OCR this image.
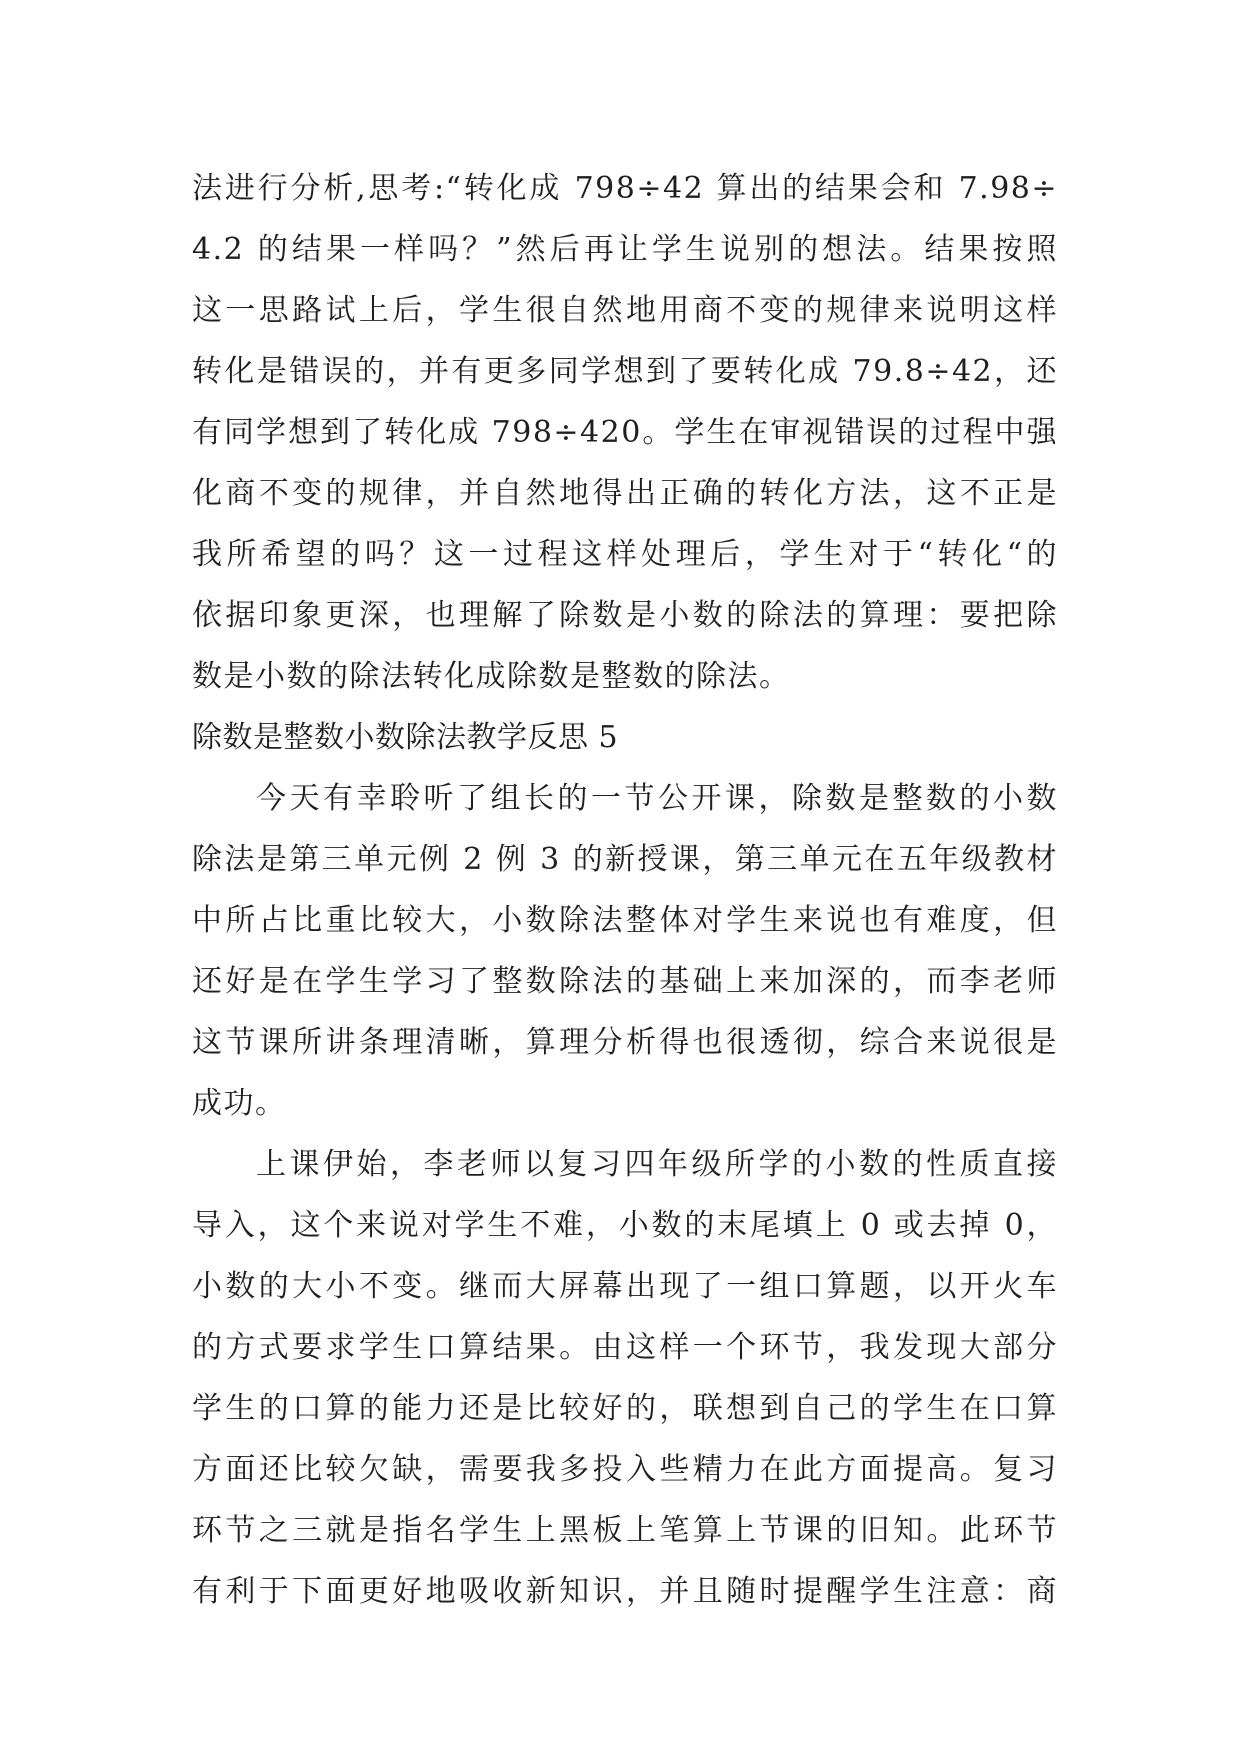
法进行分析,思考:“转化成 798÷42 算出的结果会和 7.98÷
4.2 的结果一样吗？”然后再让学生说别的想法。结果按照
这一思路试上后，学生很自然地用商不变的规律来说明这样
转化是错误的，并有更多同学想到了要转化成 79.8÷42，还
有同学想到了转化成 798÷420。学生在审视错误的过程中强
化商不变的规律，并自然地得出正确的转化方法，这不正是
我所希望的吗？这一过程这样处理后，学生对于“转化“的
依据印象更深，也理解了除数是小数的除法的算理：要把除
数是小数的除法转化成除数是整数的除法。
除数是整数小数除法教学反思 5
今天有幸聆听了组长的一节公开课，除数是整数的小数
除法是第三单元例 2 例 3 的新授课，第三单元在五年级教材
中所占比重比较大，小数除法整体对学生来说也有难度，但
还好是在学生学习了整数除法的基础上来加深的，而李老师
这节课所讲条理清晰，算理分析得也很透彻，综合来说很是
成功。
上课伊始，李老师以复习四年级所学的小数的性质直接
导入，这个来说对学生不难，小数的末尾填上 0 或去掉 0，
小数的大小不变。继而大屏幕出现了一组口算题，以开火车
的方式要求学生口算结果。由这样一个环节，我发现大部分
学生的口算的能力还是比较好的，联想到自己的学生在口算
方面还比较欠缺，需要我多投入些精力在此方面提高。复习
环节之三就是指名学生上黑板上笔算上节课的旧知。此环节
有利于下面更好地吸收新知识，并且随时提醒学生注意：商
